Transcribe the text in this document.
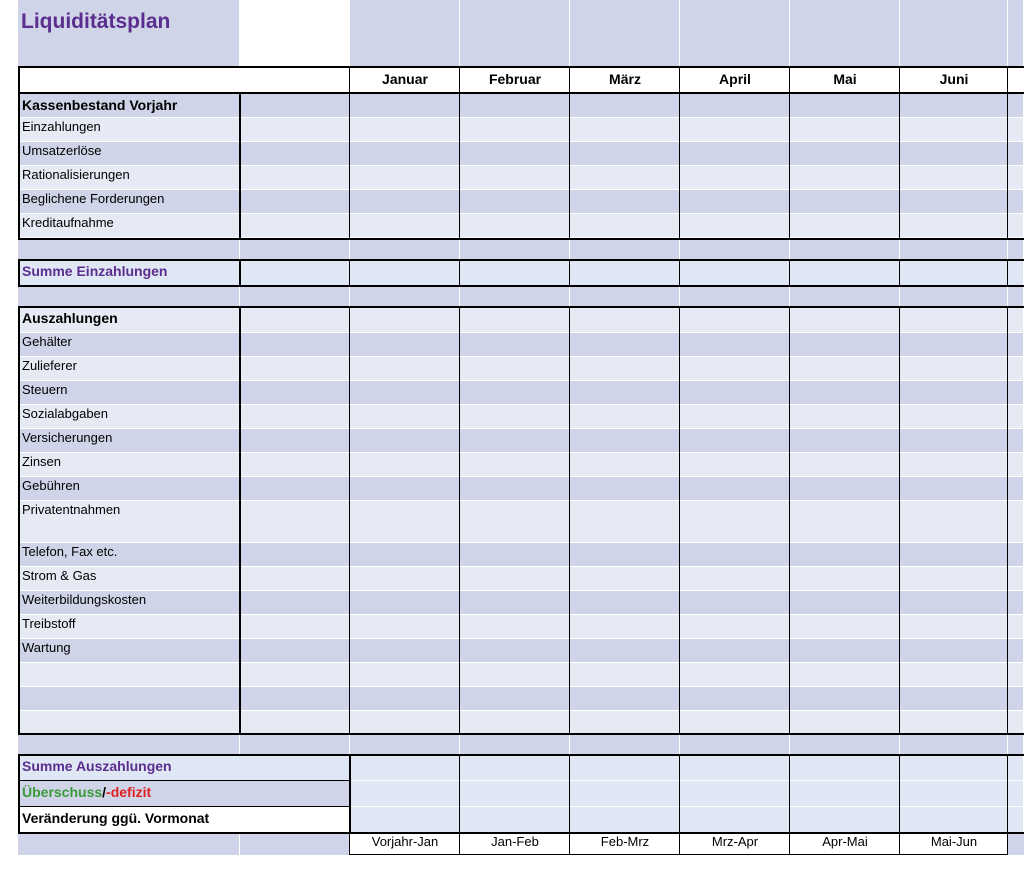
Liquiditätsplan
Januar	Februar	März	April	Mai	Juni
Kassenbestand Vorjahr
Einzahlungen
Umsatzerlöse
Rationalisierungen
Beglichene Forderungen
Kreditaufnahme
Summe Einzahlungen
Auszahlungen
Gehälter
Zulieferer
Steuern
Sozialabgaben
Versicherungen
Zinsen
Gebühren
Privatentnahmen
Telefon, Fax etc.
Strom & Gas
Weiterbildungskosten
Treibstoff
Wartung
Summe Auszahlungen
Überschuss/-defizit
Veränderung ggü. Vormonat
Vorjahr-Jan	Jan-Feb	Feb-Mrz	Mrz-Apr	Apr-Mai	Mai-Jun
